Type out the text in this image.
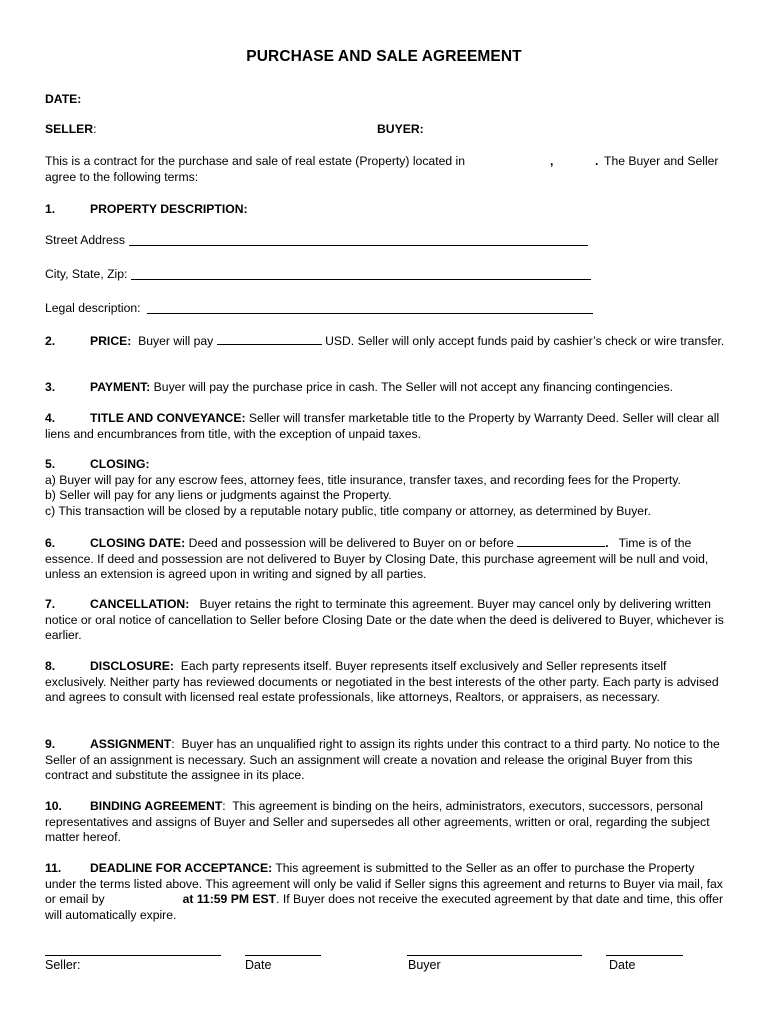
PURCHASE AND SALE AGREEMENT
DATE:
SELLER:	BUYER:
This is a contract for the purchase and sale of real estate (Property) located in	,	. The Buyer and Seller
agree to the following terms:
1.	PROPERTY DESCRIPTION:
Street Address
City, State, Zip:
Legal description:
2.	PRICE: Buyer will pay	USD. Seller will only accept funds paid by cashier’s check or wire transfer.
3.	PAYMENT: Buyer will pay the purchase price in cash. The Seller will not accept any financing contingencies.
4.	TITLE AND CONVEYANCE: Seller will transfer marketable title to the Property by Warranty Deed. Seller will clear all liens and encumbrances from title, with the exception of unpaid taxes.
5.	CLOSING:
a) Buyer will pay for any escrow fees, attorney fees, title insurance, transfer taxes, and recording fees for the Property.
b) Seller will pay for any liens or judgments against the Property.
c) This transaction will be closed by a reputable notary public, title company or attorney, as determined by Buyer.
6.	CLOSING DATE: Deed and possession will be delivered to Buyer on or before	. Time is of the essence. If deed and possession are not delivered to Buyer by Closing Date, this purchase agreement will be null and void, unless an extension is agreed upon in writing and signed by all parties.
7.	CANCELLATION: Buyer retains the right to terminate this agreement. Buyer may cancel only by delivering written notice or oral notice of cancellation to Seller before Closing Date or the date when the deed is delivered to Buyer, whichever is earlier.
8.	DISCLOSURE: Each party represents itself. Buyer represents itself exclusively and Seller represents itself exclusively. Neither party has reviewed documents or negotiated in the best interests of the other party. Each party is advised and agrees to consult with licensed real estate professionals, like attorneys, Realtors, or appraisers, as necessary.
9.	ASSIGNMENT: Buyer has an unqualified right to assign its rights under this contract to a third party. No notice to the Seller of an assignment is necessary. Such an assignment will create a novation and release the original Buyer from this contract and substitute the assignee in its place.
10. BINDING AGREEMENT: This agreement is binding on the heirs, administrators, executors, successors, personal representatives and assigns of Buyer and Seller and supersedes all other agreements, written or oral, regarding the subject matter hereof.
11. DEADLINE FOR ACCEPTANCE: This agreement is submitted to the Seller as an offer to purchase the Property under the terms listed above. This agreement will only be valid if Seller signs this agreement and returns to Buyer via mail, fax or email by	at 11:59 PM EST. If Buyer does not receive the executed agreement by that date and time, this offer will automatically expire.
Seller:	Date	Buyer	Date
